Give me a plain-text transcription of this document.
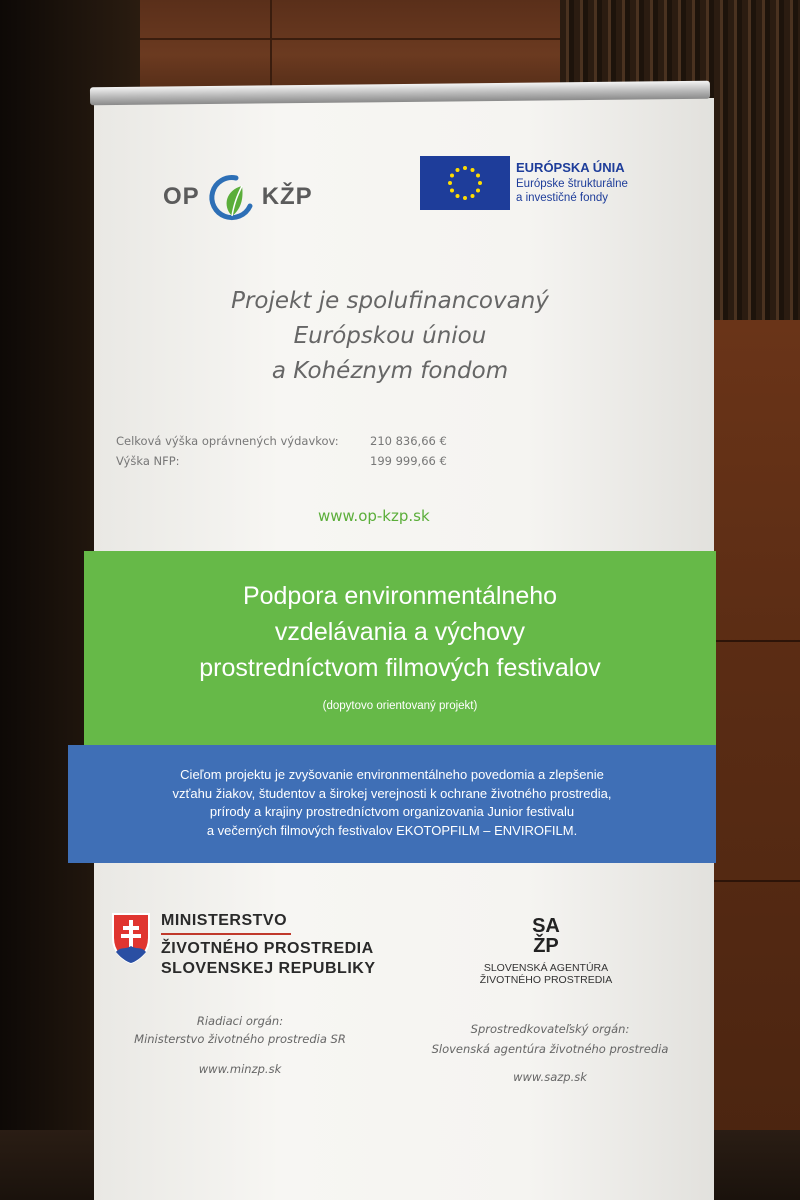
OP	KŽP
EURÓPSKA ÚNIA
Európske štrukturálne
a investičné fondy
Projekt je spolufinancovaný
Európskou úniou
a Kohéznym fondom
Celková výška oprávnených výdavkov:	210 836,66 €
Výška NFP:	199 999,66 €
www.op-kzp.sk
Podpora environmentálneho
vzdelávania a výchovy
prostredníctvom filmových festivalov
(dopytovo orientovaný projekt)
Cieľom projektu je zvyšovanie environmentálneho povedomia a zlepšenie
vzťahu žiakov, študentov a širokej verejnosti k ochrane životného prostredia,
prírody a krajiny prostredníctvom organizovania Junior festivalu
a večerných filmových festivalov EKOTOPFILM – ENVIROFILM.
MINISTERSTVO
ŽIVOTNÉHO PROSTREDIA
SLOVENSKEJ REPUBLIKY
SA
ŽP
SLOVENSKÁ AGENTÚRA
ŽIVOTNÉHO PROSTREDIA
Riadiaci orgán:
Ministerstvo životného prostredia SR
www.minzp.sk
Sprostredkovateľský orgán:
Slovenská agentúra životného prostredia
www.sazp.sk
